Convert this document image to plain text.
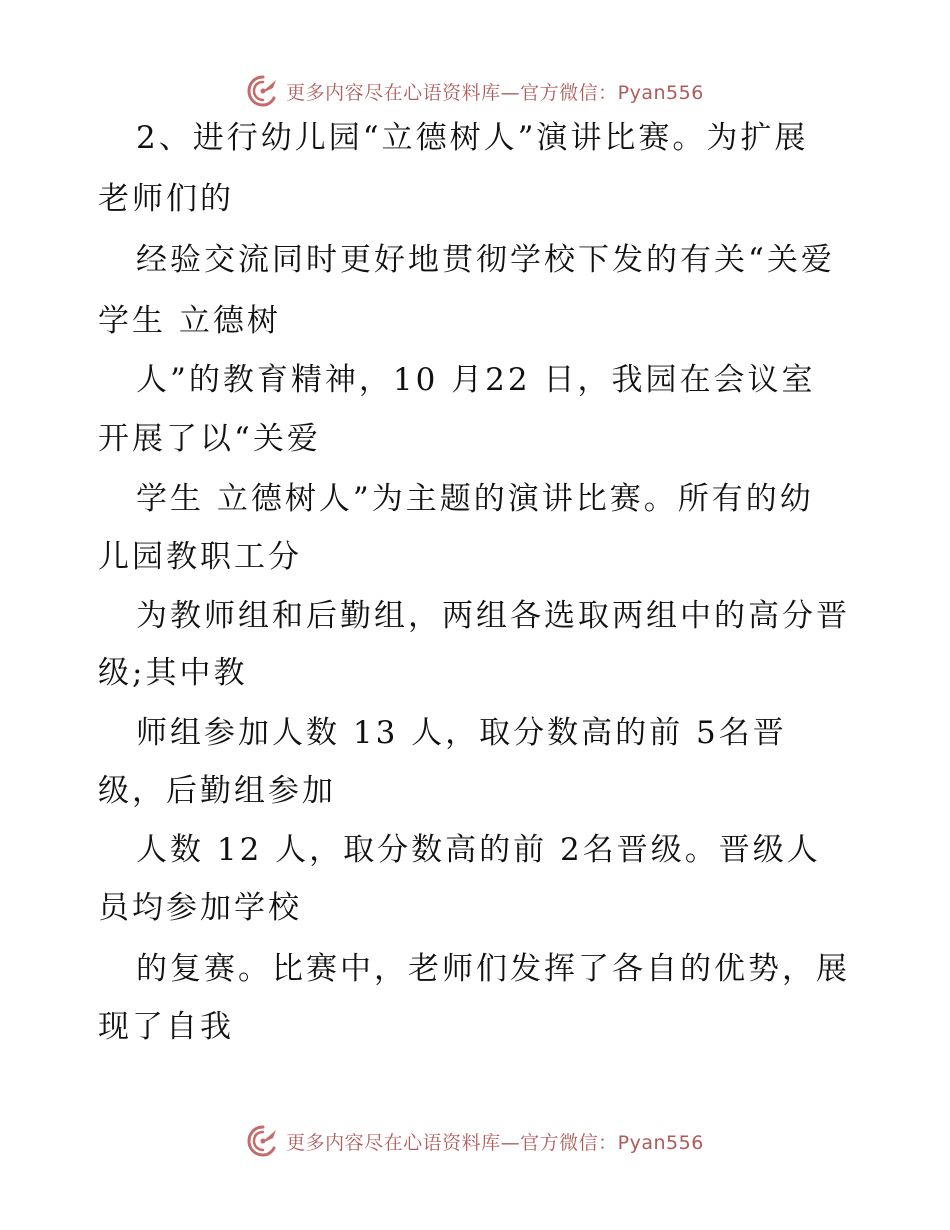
更多内容尽在心语资料库—官方微信：Pyan556
2、进行幼儿园“立德树人”演讲比赛。为扩展
老师们的
经验交流同时更好地贯彻学校下发的有关“关爱
学生 立德树
人”的教育精神，10 月22 日，我园在会议室
开展了以“关爱
学生 立德树人”为主题的演讲比赛。所有的幼
儿园教职工分
为教师组和后勤组，两组各选取两组中的高分晋
级;其中教
师组参加人数 13 人，取分数高的前 5名晋
级，后勤组参加
人数 12 人，取分数高的前 2名晋级。晋级人
员均参加学校
的复赛。比赛中，老师们发挥了各自的优势，展
现了自我
更多内容尽在心语资料库—官方微信：Pyan556
